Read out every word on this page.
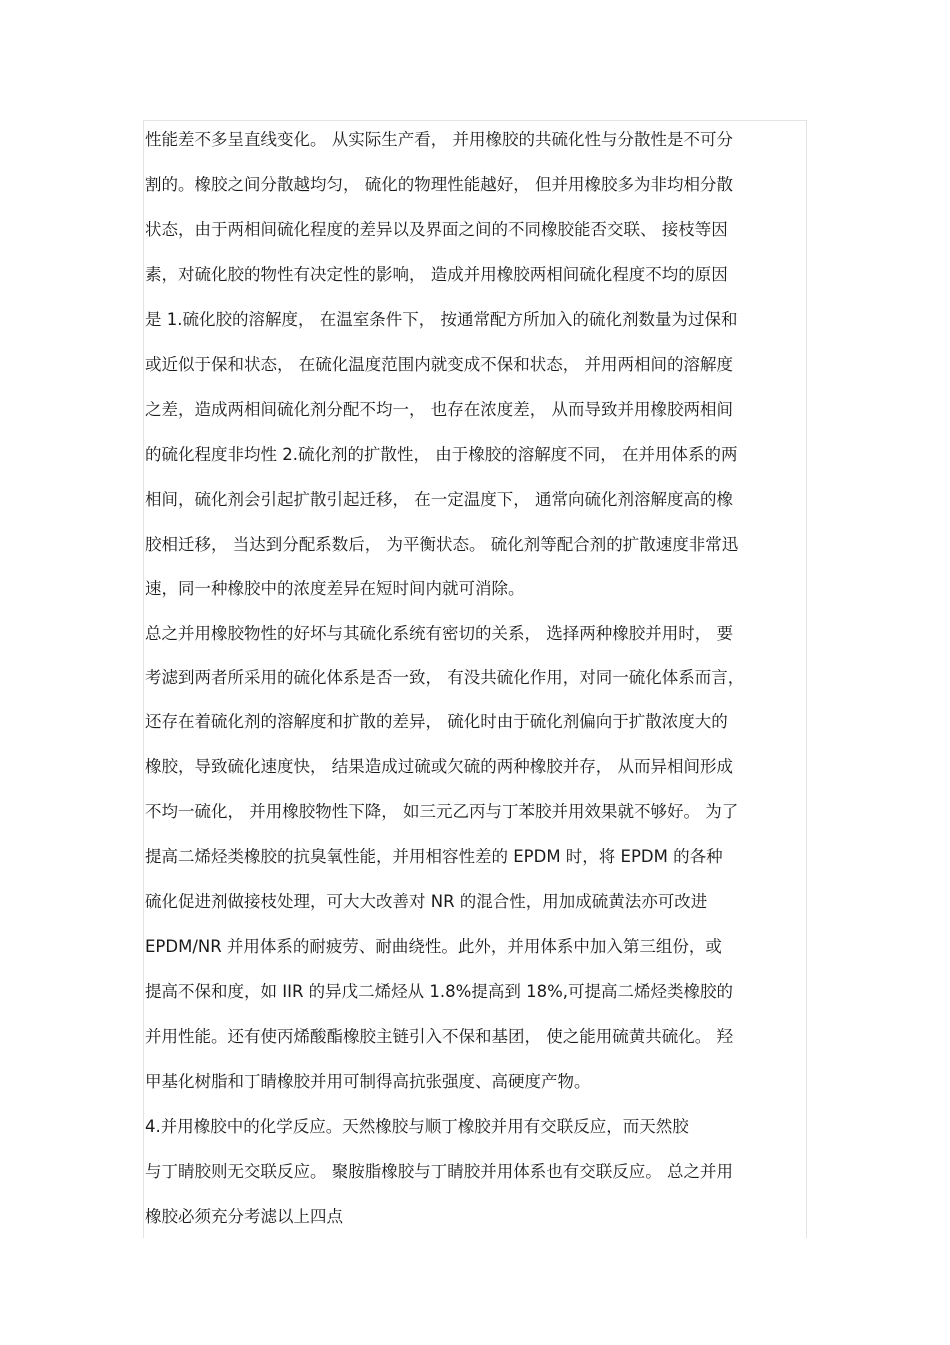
性能差不多呈直线变化。 从实际生产看， 并用橡胶的共硫化性与分散性是不可分
割的。橡胶之间分散越均匀， 硫化的物理性能越好， 但并用橡胶多为非均相分散
状态，由于两相间硫化程度的差异以及界面之间的不同橡胶能否交联、 接枝等因
素，对硫化胶的物性有决定性的影响， 造成并用橡胶两相间硫化程度不均的原因
是 1.硫化胶的溶解度， 在温室条件下， 按通常配方所加入的硫化剂数量为过保和
或近似于保和状态， 在硫化温度范围内就变成不保和状态， 并用两相间的溶解度
之差，造成两相间硫化剂分配不均一， 也存在浓度差， 从而导致并用橡胶两相间
的硫化程度非均性 2.硫化剂的扩散性， 由于橡胶的溶解度不同， 在并用体系的两
相间，硫化剂会引起扩散引起迁移， 在一定温度下， 通常向硫化剂溶解度高的橡
胶相迁移， 当达到分配系数后， 为平衡状态。 硫化剂等配合剂的扩散速度非常迅
速，同一种橡胶中的浓度差异在短时间内就可消除。
总之并用橡胶物性的好坏与其硫化系统有密切的关系， 选择两种橡胶并用时， 要
考滤到两者所采用的硫化体系是否一致， 有没共硫化作用，对同一硫化体系而言，
还存在着硫化剂的溶解度和扩散的差异， 硫化时由于硫化剂偏向于扩散浓度大的
橡胶，导致硫化速度快， 结果造成过硫或欠硫的两种橡胶并存， 从而异相间形成
不均一硫化， 并用橡胶物性下降， 如三元乙丙与丁苯胶并用效果就不够好。 为了
提高二烯烃类橡胶的抗臭氧性能，并用相容性差的 EPDM 时，将 EPDM 的各种
硫化促进剂做接枝处理，可大大改善对 NR 的混合性，用加成硫黄法亦可改进
EPDM/NR 并用体系的耐疲劳、耐曲绕性。此外，并用体系中加入第三组份，或
提高不保和度，如 IIR 的异戊二烯烃从 1.8%提高到 18%,可提高二烯烃类橡胶的
并用性能。还有使丙烯酸酯橡胶主链引入不保和基团， 使之能用硫黄共硫化。 羟
甲基化树脂和丁睛橡胶并用可制得高抗张强度、高硬度产物。
4.并用橡胶中的化学反应。天然橡胶与顺丁橡胶并用有交联反应，而天然胶
与丁睛胶则无交联反应。 聚胺脂橡胶与丁睛胶并用体系也有交联反应。 总之并用
橡胶必须充分考滤以上四点
